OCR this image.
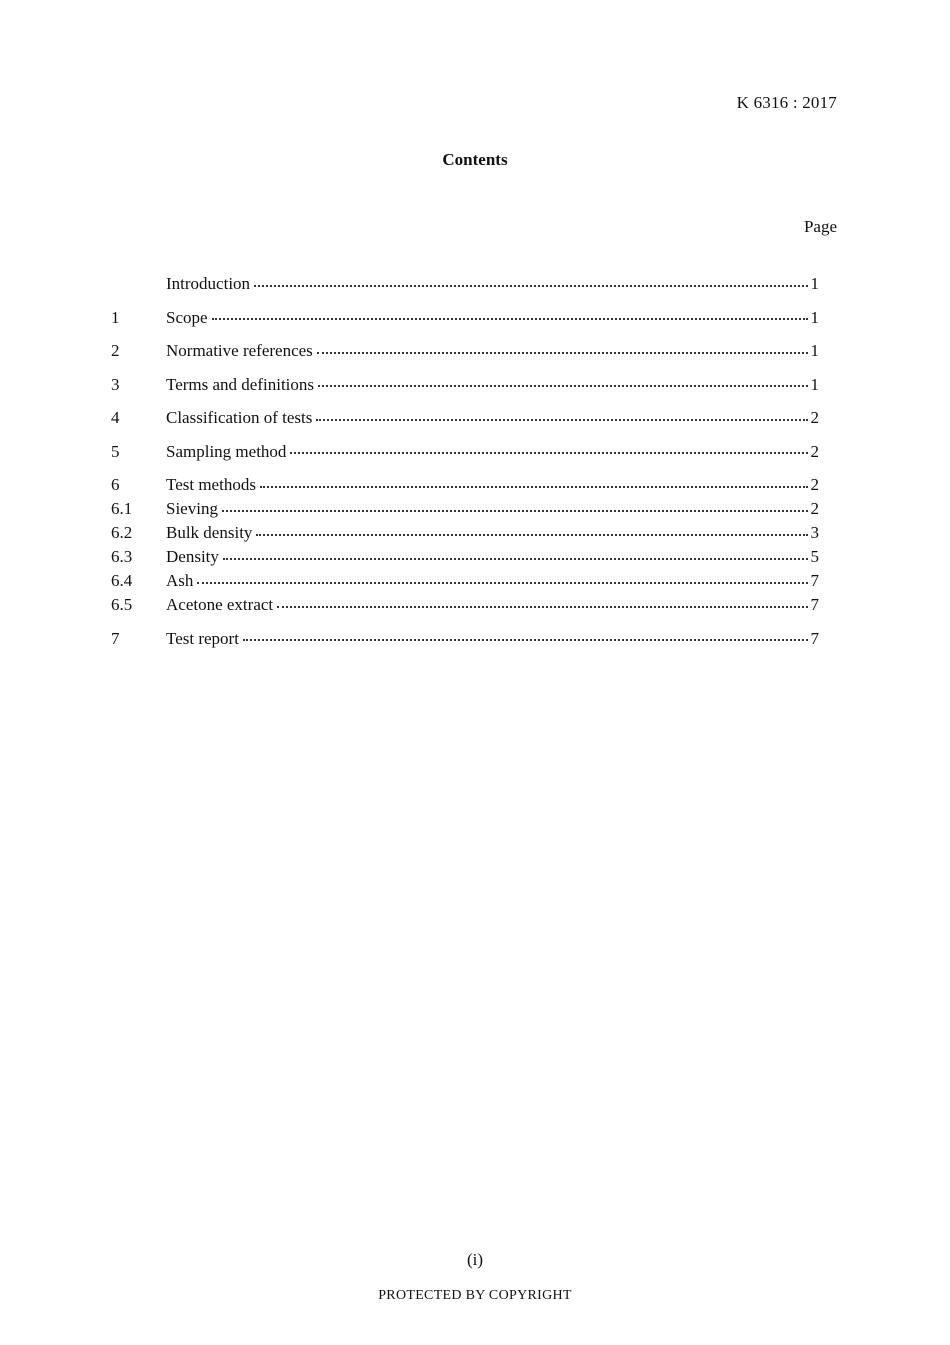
K 6316 : 2017
Contents
Page
Introduction	1
1	Scope	1
2	Normative references	1
3	Terms and definitions	1
4	Classification of tests	2
5	Sampling method	2
6	Test methods	2
6.1	Sieving	2
6.2	Bulk density	3
6.3	Density	5
6.4	Ash	7
6.5	Acetone extract	7
7	Test report	7
(i)
PROTECTED BY COPYRIGHT
